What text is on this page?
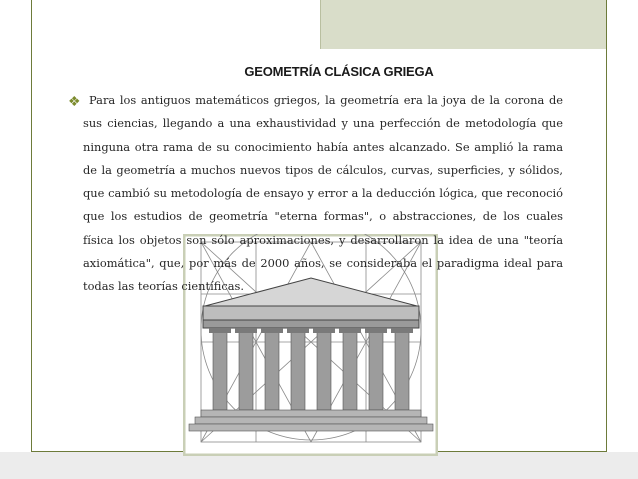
GEOMETRÍA CLÁSICA GRIEGA
❖ Para los antiguos matemáticos griegos, la geometría era la joya de la corona de sus ciencias, llegando a una exhaustividad y una perfección de metodología que ninguna otra rama de su conocimiento había antes alcanzado. Se amplió la rama de la geometría a muchos nuevos tipos de cálculos, curvas, superficies, y sólidos, que cambió su metodología de ensayo y error a la deducción lógica, que reconoció que los estudios de geometría "eterna formas", o abstracciones, de los cuales física los objetos son sólo aproximaciones, y desarrollaron la idea de una "teoría axiomática", que, por más de 2000 años, se consideraba el paradigma ideal para todas las teorías científicas.
